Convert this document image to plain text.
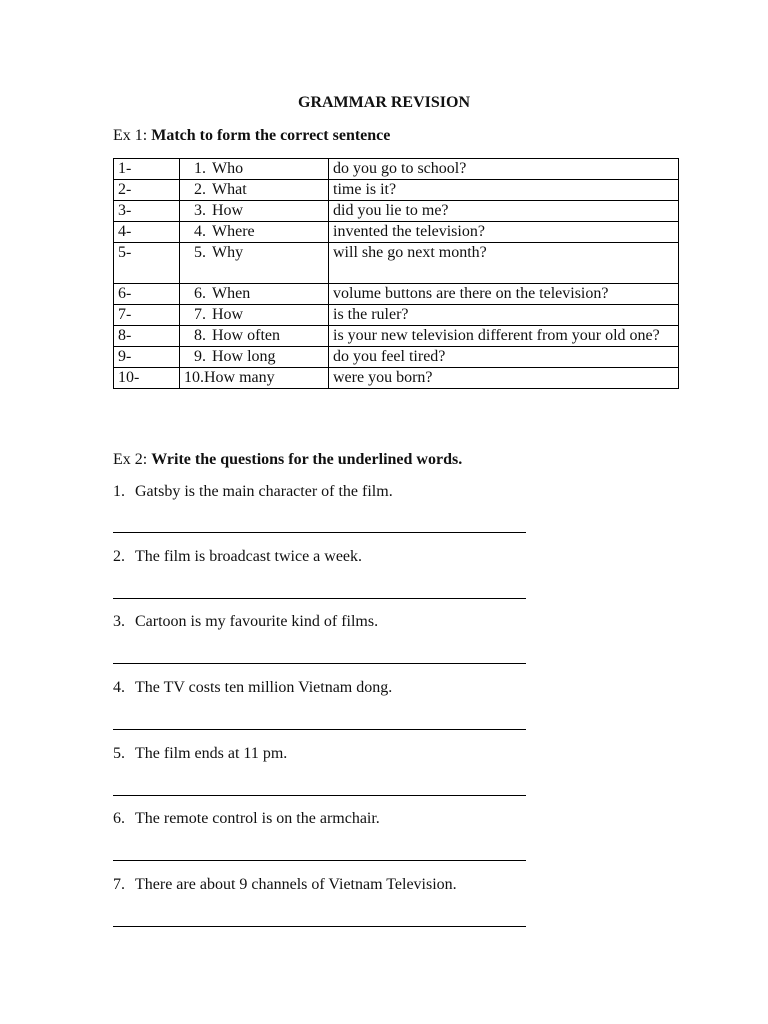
GRAMMAR REVISION
Ex 1: Match to form the correct sentence
1-	1. Who	do you go to school?
2-	2. What	time is it?
3-	3. How	did you lie to me?
4-	4. Where	invented the television?
5-	5. Why	will she go next month?
6-	6. When	volume buttons are there on the television?
7-	7. How	is the ruler?
8-	8. How often	is your new television different from your old one?
9-	9. How long	do you feel tired?
10-	10.How many	were you born?
Ex 2: Write the questions for the underlined words.
1. Gatsby is the main character of the film.
2. The film is broadcast twice a week.
3. Cartoon is my favourite kind of films.
4. The TV costs ten million Vietnam dong.
5. The film ends at 11 pm.
6. The remote control is on the armchair.
7. There are about 9 channels of Vietnam Television.
